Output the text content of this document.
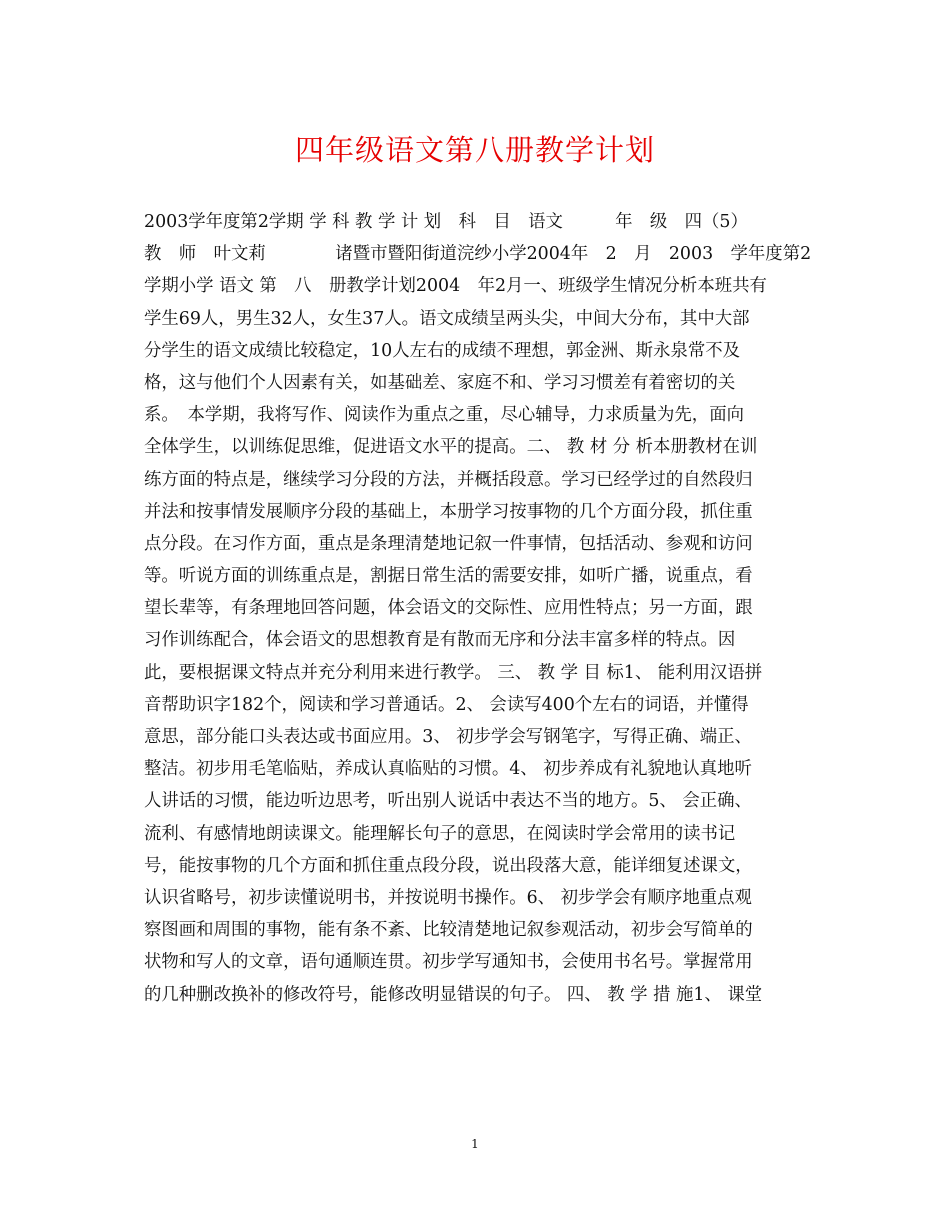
四年级语文第八册教学计划
2003学年度第2学期 学 科 教 学 计 划　科　目　语文　　　年　级　四（5）
教　师　叶文莉　　　　诸暨市暨阳街道浣纱小学2004年　2　月　2003　学年度第2
学期小学 语文 第　八　册教学计划2004　年2月一、班级学生情况分析本班共有
学生69人，男生32人，女生37人。语文成绩呈两头尖，中间大分布，其中大部
分学生的语文成绩比较稳定，10人左右的成绩不理想，郭金洲、斯永泉常不及
格，这与他们个人因素有关，如基础差、家庭不和、学习习惯差有着密切的关
系。　本学期，我将写作、阅读作为重点之重，尽心辅导，力求质量为先，面向
全体学生，以训练促思维，促进语文水平的提高。二、 教 材 分 析本册教材在训
练方面的特点是，继续学习分段的方法，并概括段意。学习已经学过的自然段归
并法和按事情发展顺序分段的基础上，本册学习按事物的几个方面分段，抓住重
点分段。在习作方面，重点是条理清楚地记叙一件事情，包括活动、参观和访问
等。听说方面的训练重点是，割据日常生活的需要安排，如听广播，说重点，看
望长辈等，有条理地回答问题，体会语文的交际性、应用性特点；另一方面，跟
习作训练配合，体会语文的思想教育是有散而无序和分法丰富多样的特点。因
此，要根据课文特点并充分利用来进行教学。 三、 教 学 目 标1、 能利用汉语拼
音帮助识字182个，阅读和学习普通话。2、 会读写400个左右的词语，并懂得
意思，部分能口头表达或书面应用。3、 初步学会写钢笔字，写得正确、端正、
整洁。初步用毛笔临贴，养成认真临贴的习惯。4、 初步养成有礼貌地认真地听
人讲话的习惯，能边听边思考，听出别人说话中表达不当的地方。5、 会正确、
流利、有感情地朗读课文。能理解长句子的意思，在阅读时学会常用的读书记
号，能按事物的几个方面和抓住重点段分段，说出段落大意，能详细复述课文，
认识省略号，初步读懂说明书，并按说明书操作。6、 初步学会有顺序地重点观
察图画和周围的事物，能有条不紊、比较清楚地记叙参观活动，初步会写简单的
状物和写人的文章，语句通顺连贯。初步学写通知书，会使用书名号。掌握常用
的几种删改换补的修改符号，能修改明显错误的句子。 四、 教 学 措 施1、 课堂
1
